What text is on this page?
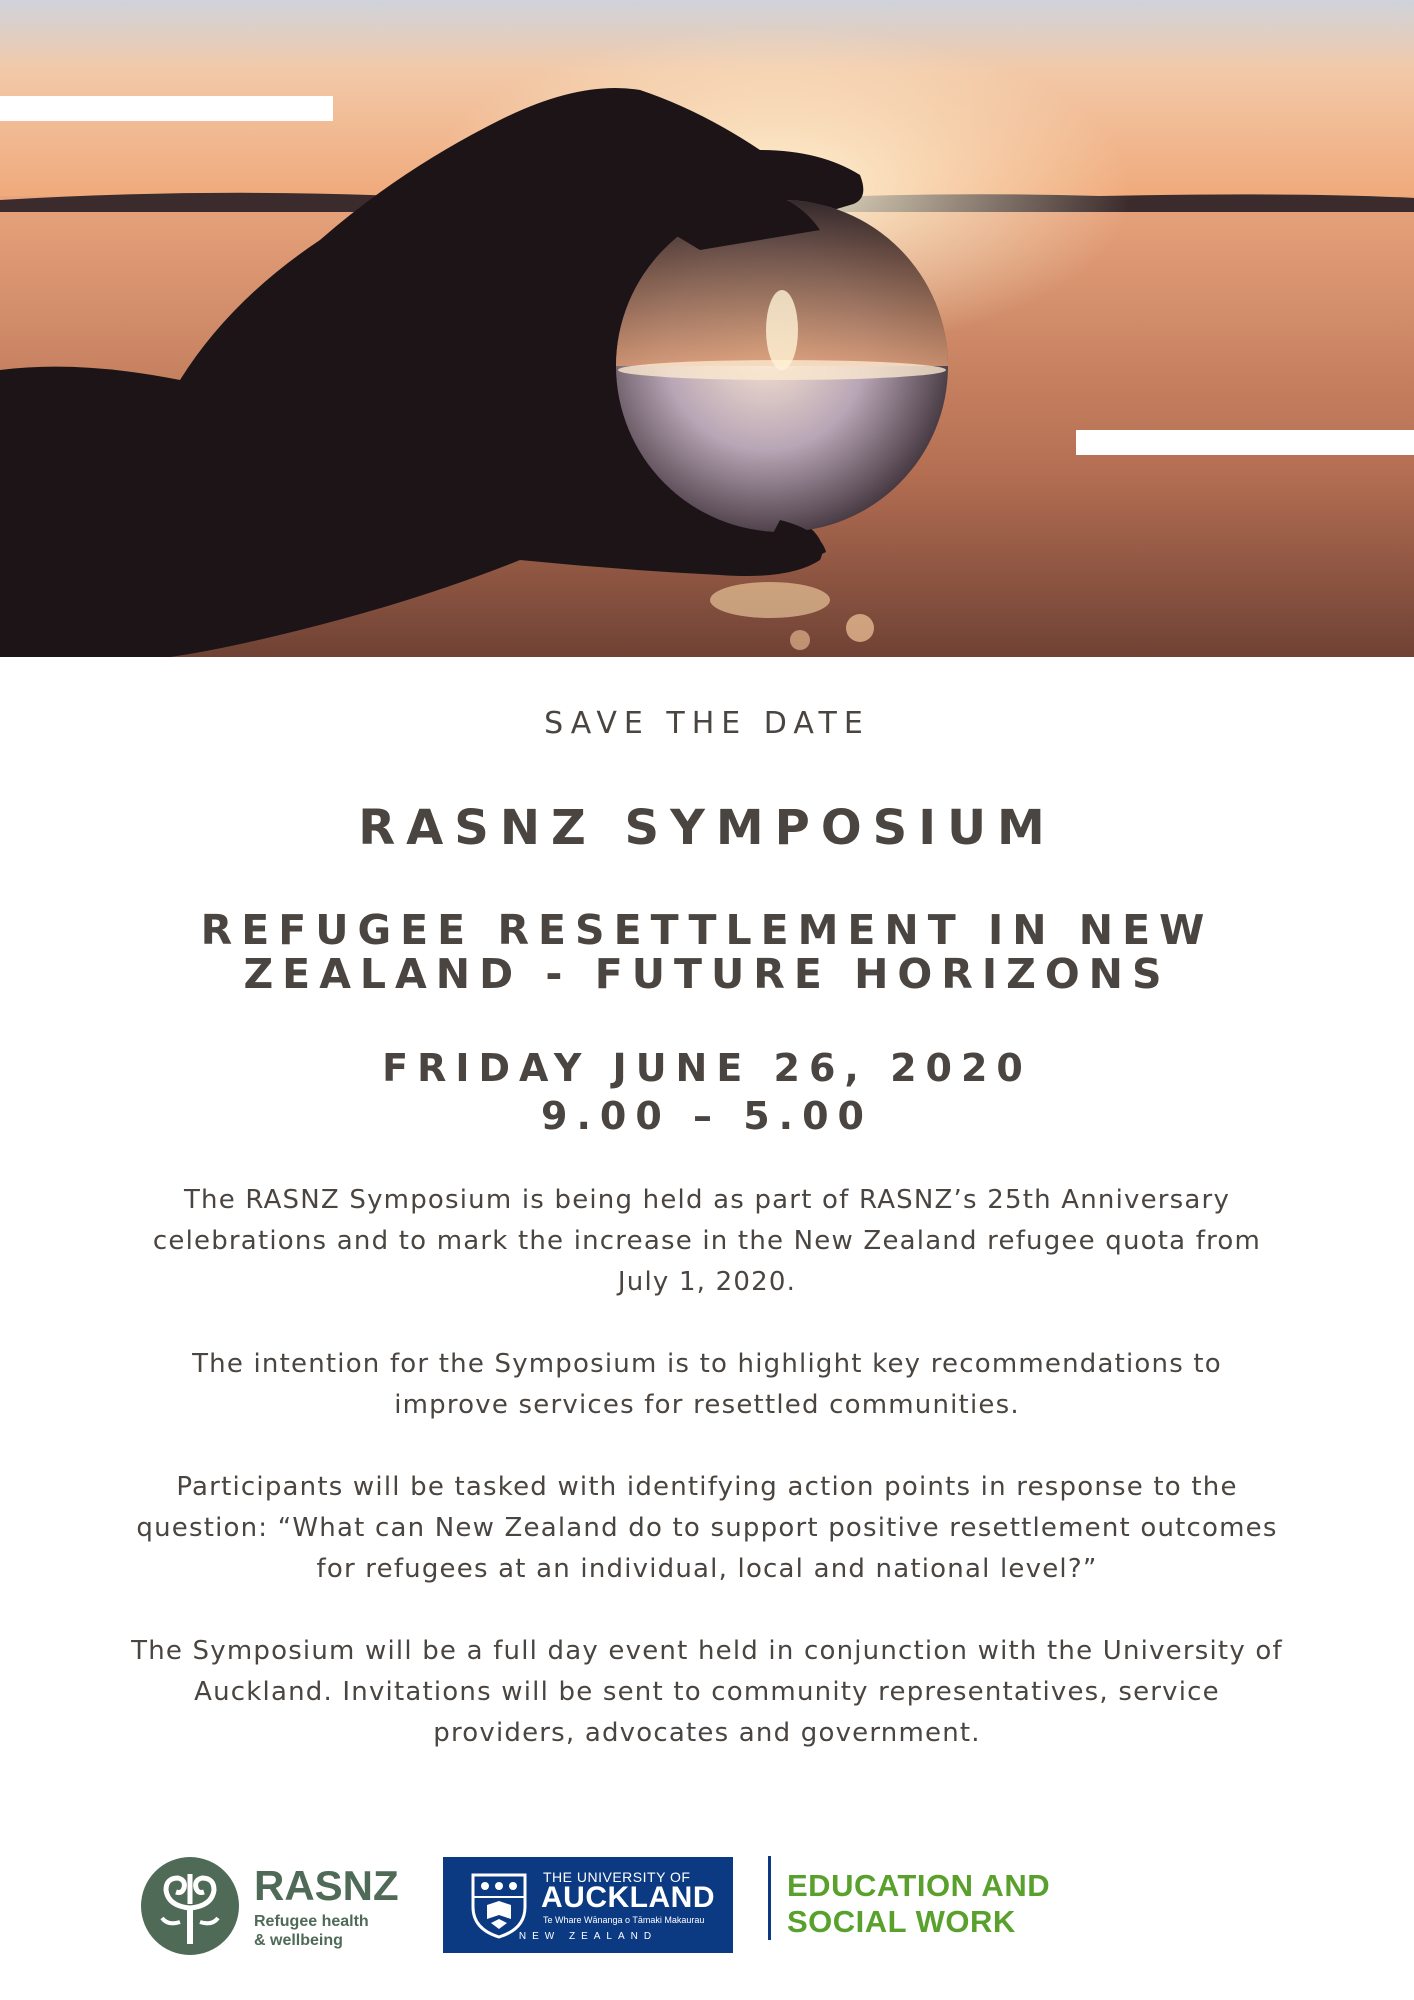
SAVE THE DATE
RASNZ SYMPOSIUM
REFUGEE RESETTLEMENT IN NEW
ZEALAND - FUTURE HORIZONS
FRIDAY JUNE 26, 2020
9.00 – 5.00

The RASNZ Symposium is being held as part of RASNZ’s 25th Anniversary celebrations and to mark the increase in the New Zealand refugee quota from July 1, 2020.

The intention for the Symposium is to highlight key recommendations to improve services for resettled communities.

Participants will be tasked with identifying action points in response to the question: “What can New Zealand do to support positive resettlement outcomes for refugees at an individual, local and national level?”

The Symposium will be a full day event held in conjunction with the University of Auckland. Invitations will be sent to community representatives, service providers, advocates and government.

RASNZ
Refugee health
& wellbeing
THE UNIVERSITY OF
AUCKLAND
Te Whare Wānanga o Tāmaki Makaurau
NEW ZEALAND
EDUCATION AND
SOCIAL WORK
